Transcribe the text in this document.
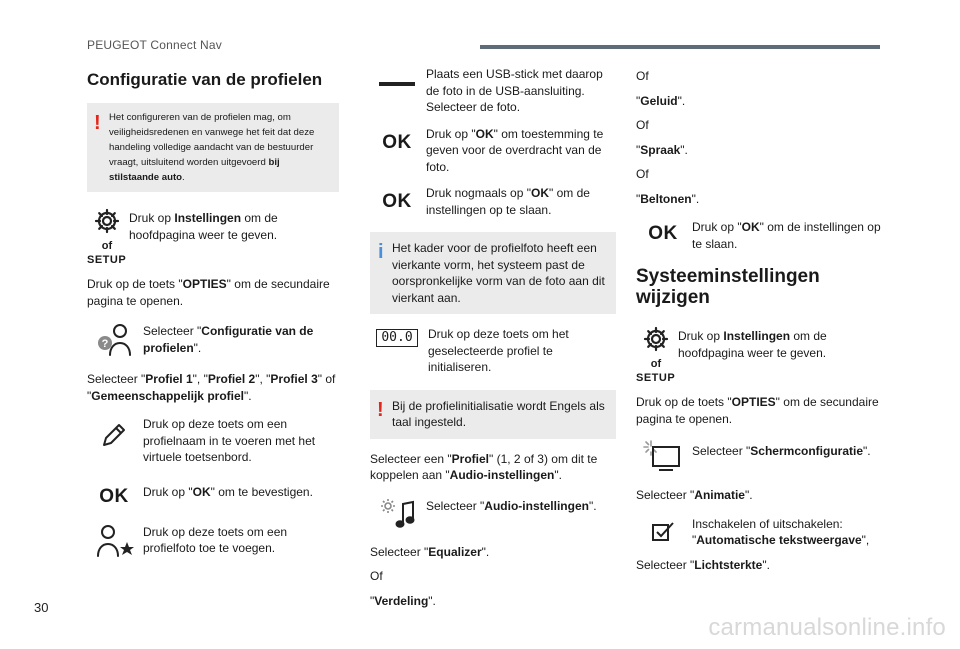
PEUGEOT Connect Nav
Configuratie van de profielen
! Het configureren van de profielen mag, om veiligheidsredenen en vanwege het feit dat deze handeling volledige aandacht van de bestuurder vraagt, uitsluitend worden uitgevoerd bij stilstaande auto.
of
SETUP
Druk op Instellingen om de hoofdpagina weer te geven.

Druk op de toets "OPTIES" om de secundaire pagina te openen.

?
Selecteer "Configuratie van de profielen".

Selecteer "Profiel 1", "Profiel 2", "Profiel 3" of "Gemeenschappelijk profiel".

Druk op deze toets om een profielnaam in te voeren met het virtuele toetsenbord.
OK Druk op "OK" om te bevestigen.
Druk op deze toets om een profielfoto toe te voegen.
Plaats een USB-stick met daarop de foto in de USB-aansluiting. Selecteer de foto.
OK Druk op "OK" om toestemming te geven voor de overdracht van de foto.
OK Druk nogmaals op "OK" om de instellingen op te slaan.
i Het kader voor de profielfoto heeft een vierkante vorm, het systeem past de oorspronkelijke vorm van de foto aan dit vierkant aan.
00.0	Druk op deze toets om het geselecteerde profiel te initialiseren.
! Bij de profielinitialisatie wordt Engels als taal ingesteld.

Selecteer een "Profiel" (1, 2 of 3) om dit te koppelen aan "Audio-instellingen".

Selecteer "Audio-instellingen".

Selecteer "Equalizer".

Of

"Verdeling".

Of

"Geluid".

Of

"Spraak".

Of

"Beltonen".

OK Druk op "OK" om de instellingen op te slaan.
Systeeminstellingen wijzigen
of
SETUP
Druk op Instellingen om de hoofdpagina weer te geven.

Druk op de toets "OPTIES" om de secundaire pagina te openen.

Selecteer "Schermconfiguratie".

Selecteer "Animatie".

Inschakelen of uitschakelen: "Automatische tekstweergave",

Selecteer "Lichtsterkte".

30
carmanualsonline.info
